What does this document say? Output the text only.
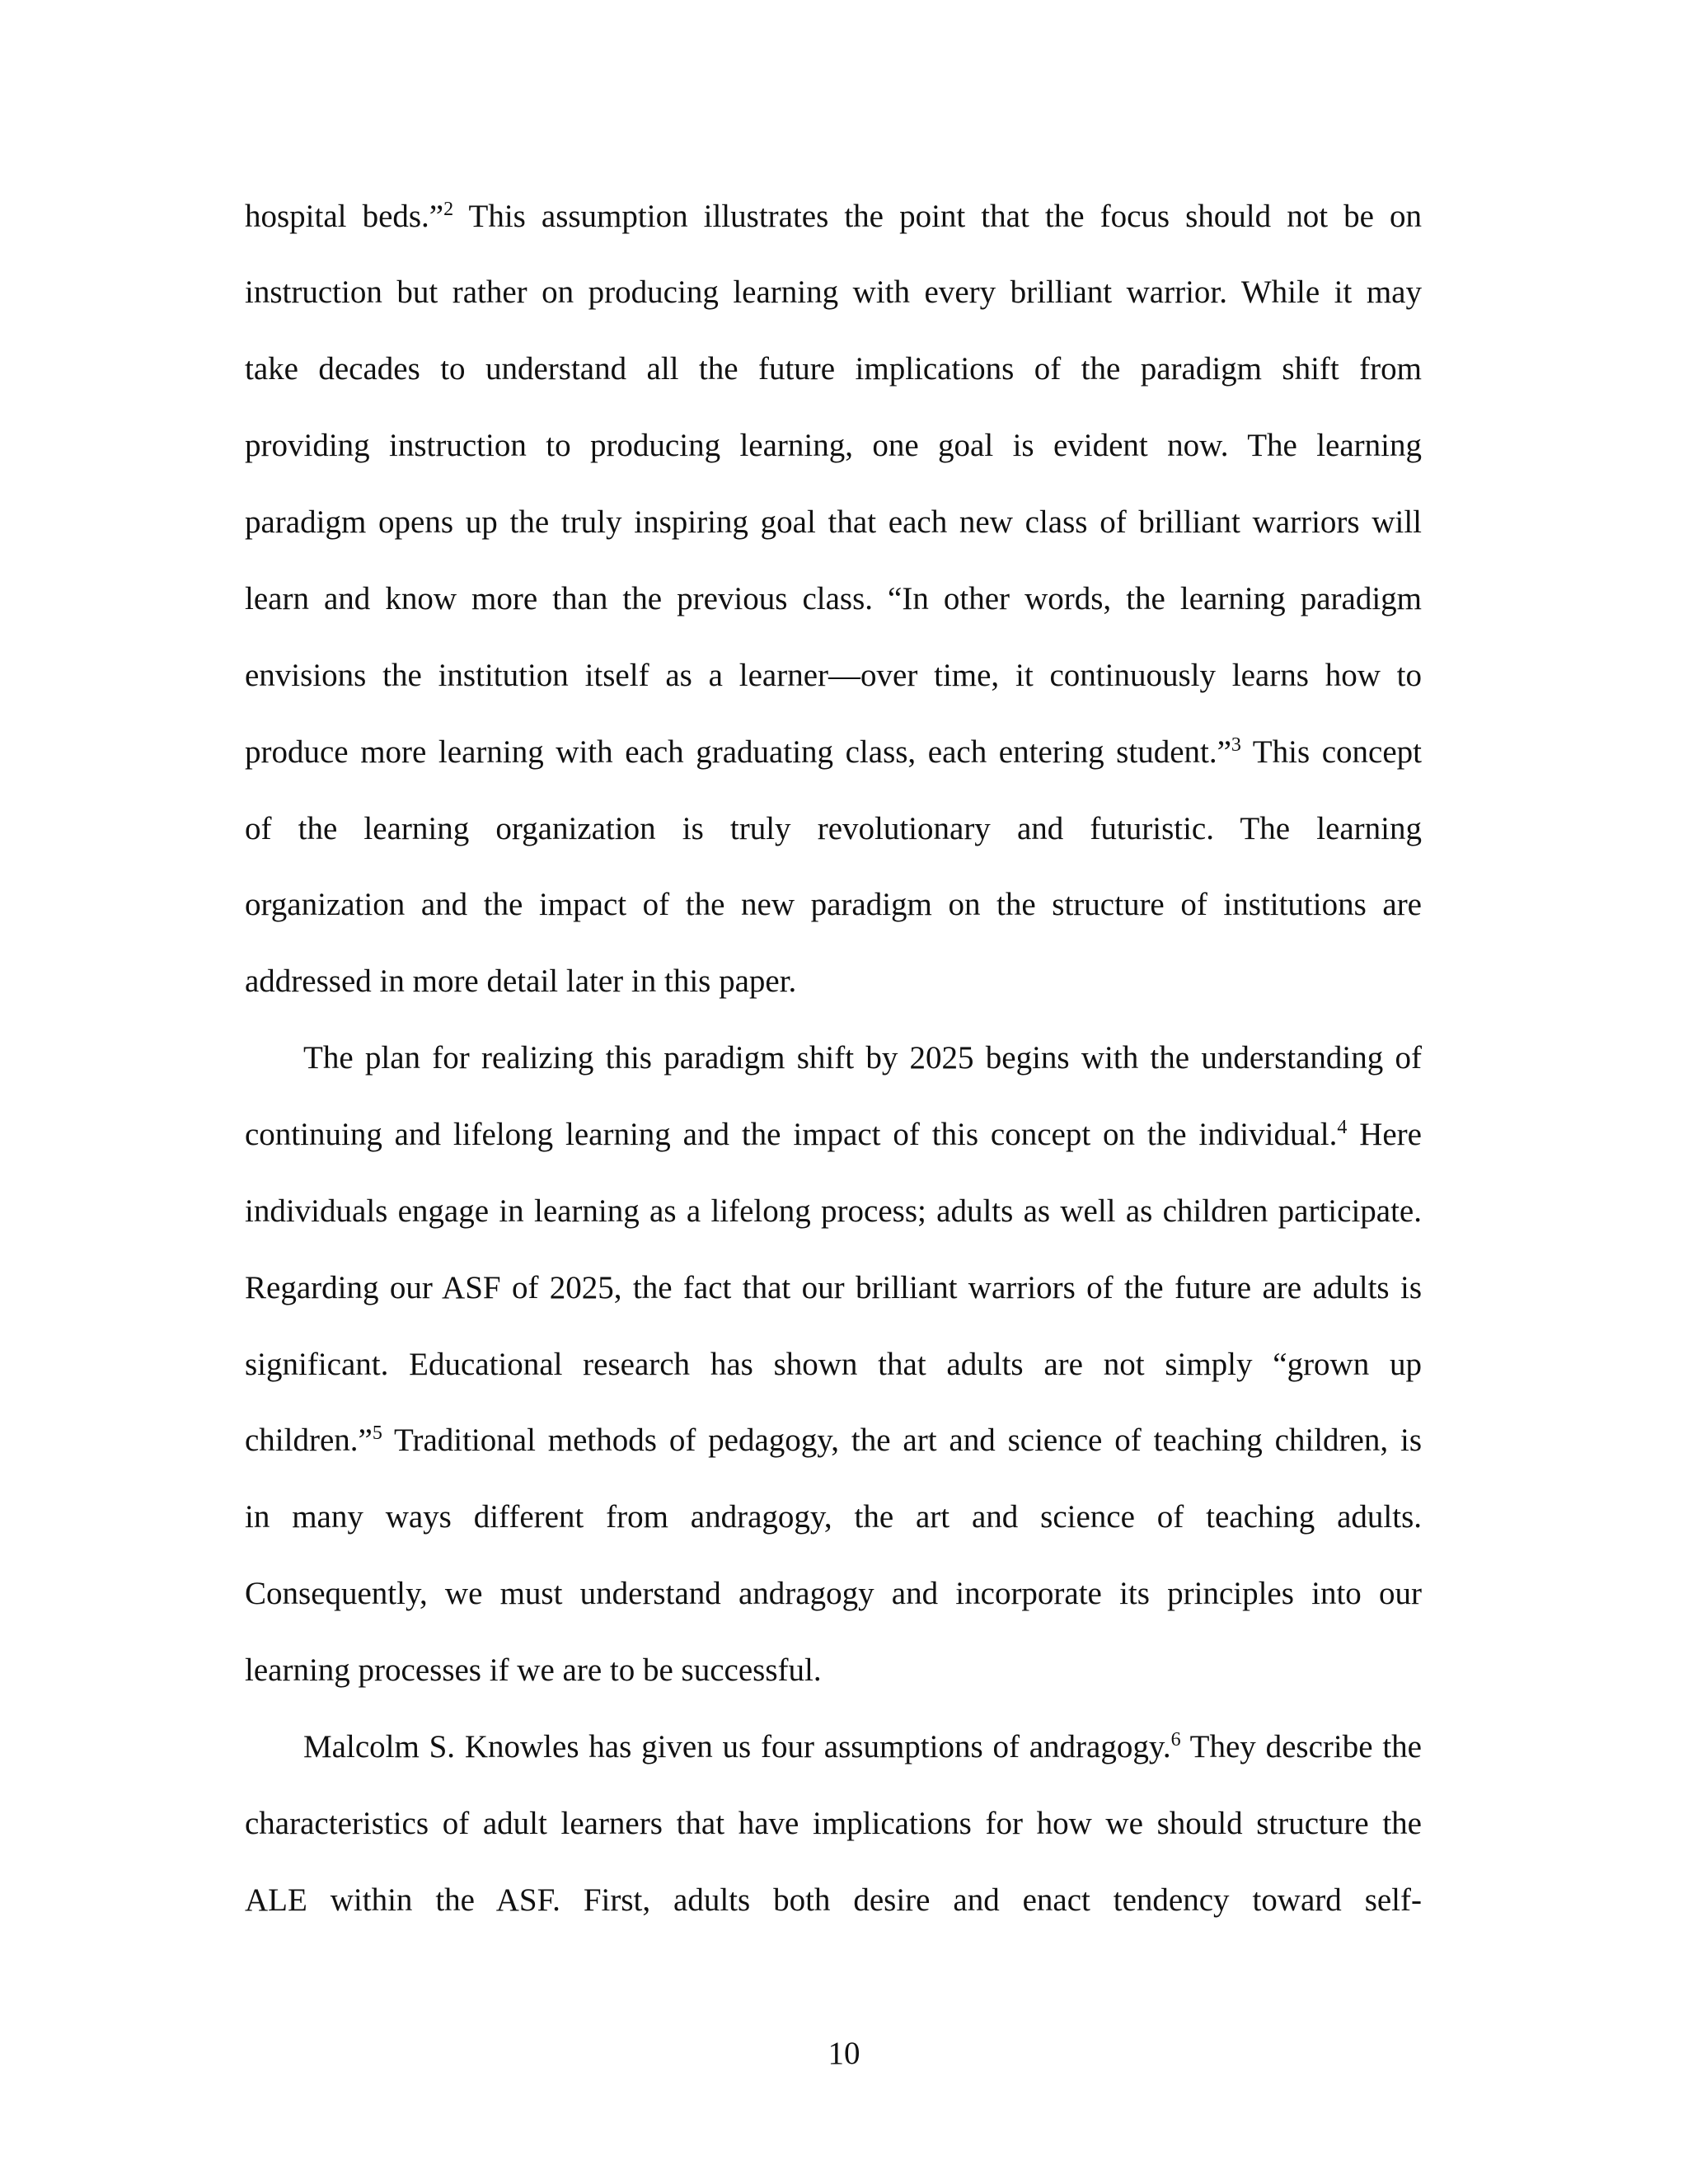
hospital beds.”$^2$ This assumption illustrates the point that the focus should not be on
instruction but rather on producing learning with every brilliant warrior. While it may
take decades to understand all the future implications of the paradigm shift from
providing instruction to producing learning, one goal is evident now. The learning
paradigm opens up the truly inspiring goal that each new class of brilliant warriors will
learn and know more than the previous class. “In other words, the learning paradigm
envisions the institution itself as a learner—over time, it continuously learns how to
produce more learning with each graduating class, each entering student.”$^3$ This concept
of the learning organization is truly revolutionary and futuristic. The learning
organization and the impact of the new paradigm on the structure of institutions are
addressed in more detail later in this paper.
The plan for realizing this paradigm shift by 2025 begins with the understanding of
continuing and lifelong learning and the impact of this concept on the individual.$^4$ Here
individuals engage in learning as a lifelong process; adults as well as children participate.
Regarding our ASF of 2025, the fact that our brilliant warriors of the future are adults is
significant. Educational research has shown that adults are not simply “grown up
children.”$^5$ Traditional methods of pedagogy, the art and science of teaching children, is
in many ways different from andragogy, the art and science of teaching adults.
Consequently, we must understand andragogy and incorporate its principles into our
learning processes if we are to be successful.
Malcolm S. Knowles has given us four assumptions of andragogy.$^6$ They describe the
characteristics of adult learners that have implications for how we should structure the
ALE within the ASF. First, adults both desire and enact tendency toward self-
10
